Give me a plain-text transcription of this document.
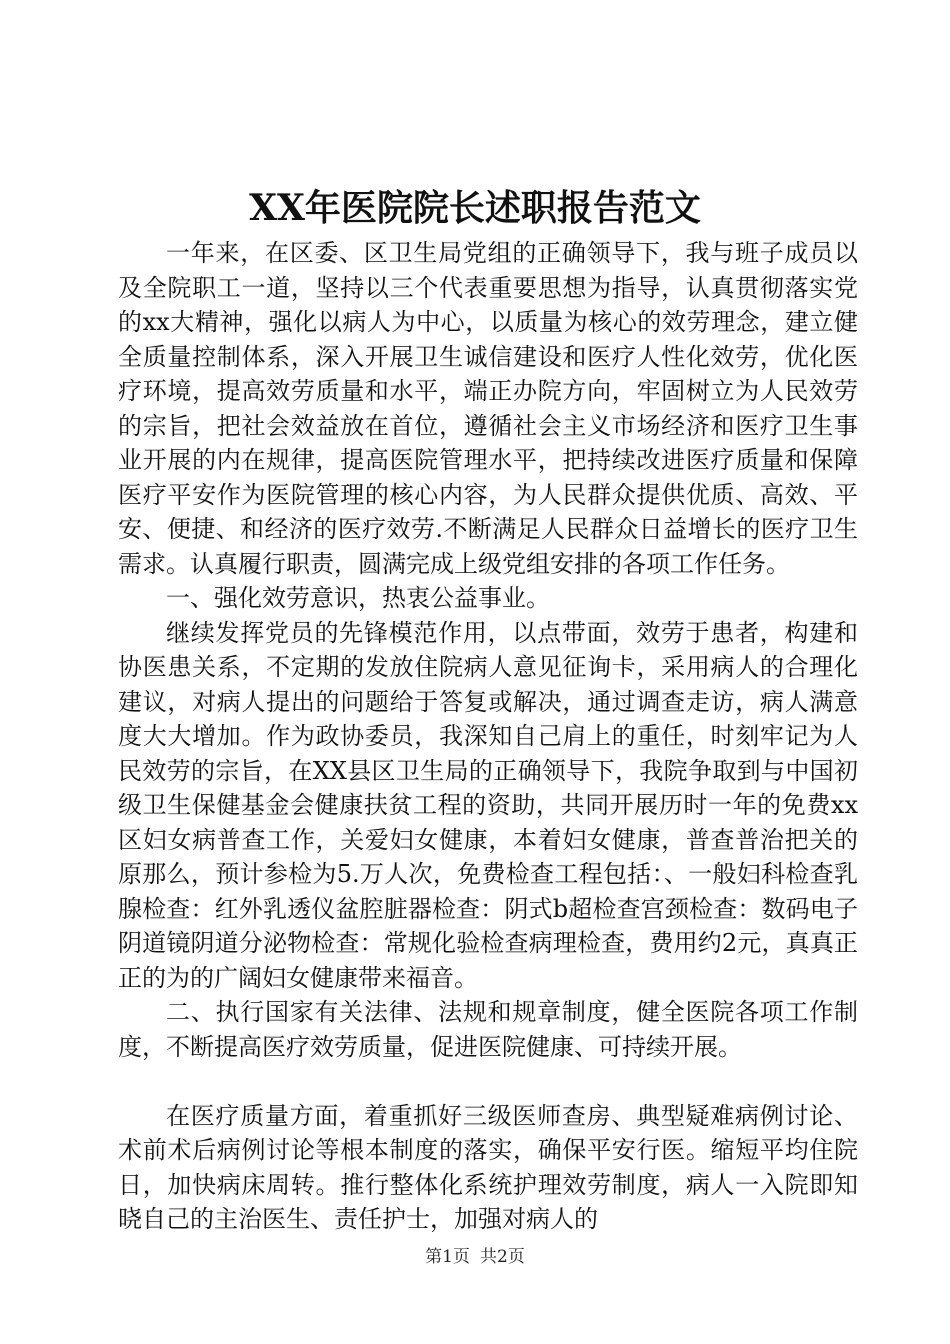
XX年医院院长述职报告范文

一年来，在区委、区卫生局党组的正确领导下，我与班子成员以及全院职工一道，坚持以三个代表重要思想为指导，认真贯彻落实党的xx大精神，强化以病人为中心，以质量为核心的效劳理念，建立健全质量控制体系，深入开展卫生诚信建设和医疗人性化效劳，优化医疗环境，提高效劳质量和水平，端正办院方向，牢固树立为人民效劳的宗旨，把社会效益放在首位，遵循社会主义市场经济和医疗卫生事业开展的内在规律，提高医院管理水平，把持续改进医疗质量和保障医疗平安作为医院管理的核心内容，为人民群众提供优质、高效、平安、便捷、和经济的医疗效劳.不断满足人民群众日益增长的医疗卫生需求。认真履行职责，圆满完成上级党组安排的各项工作任务。

一、强化效劳意识，热衷公益事业。

继续发挥党员的先锋模范作用，以点带面，效劳于患者，构建和协医患关系，不定期的发放住院病人意见征询卡，采用病人的合理化建议，对病人提出的问题给于答复或解决，通过调查走访，病人满意度大大增加。作为政协委员，我深知自己肩上的重任，时刻牢记为人民效劳的宗旨，在XX县区卫生局的正确领导下，我院争取到与中国初级卫生保健基金会健康扶贫工程的资助，共同开展历时一年的免费xx区妇女病普查工作，关爱妇女健康，本着妇女健康，普查普治把关的原那么，预计参检为5.万人次，免费检查工程包括：、一般妇科检查乳腺检查：红外乳透仪盆腔脏器检查：阴式b超检查宫颈检查：数码电子阴道镜阴道分泌物检查：常规化验检查病理检查，费用约2元，真真正正的为的广阔妇女健康带来福音。

二、执行国家有关法律、法规和规章制度，健全医院各项工作制度，不断提高医疗效劳质量，促进医院健康、可持续开展。

在医疗质量方面，着重抓好三级医师查房、典型疑难病例讨论、术前术后病例讨论等根本制度的落实，确保平安行医。缩短平均住院日，加快病床周转。推行整体化系统护理效劳制度，病人一入院即知晓自己的主治医生、责任护士，加强对病人的

第1页 共2页
